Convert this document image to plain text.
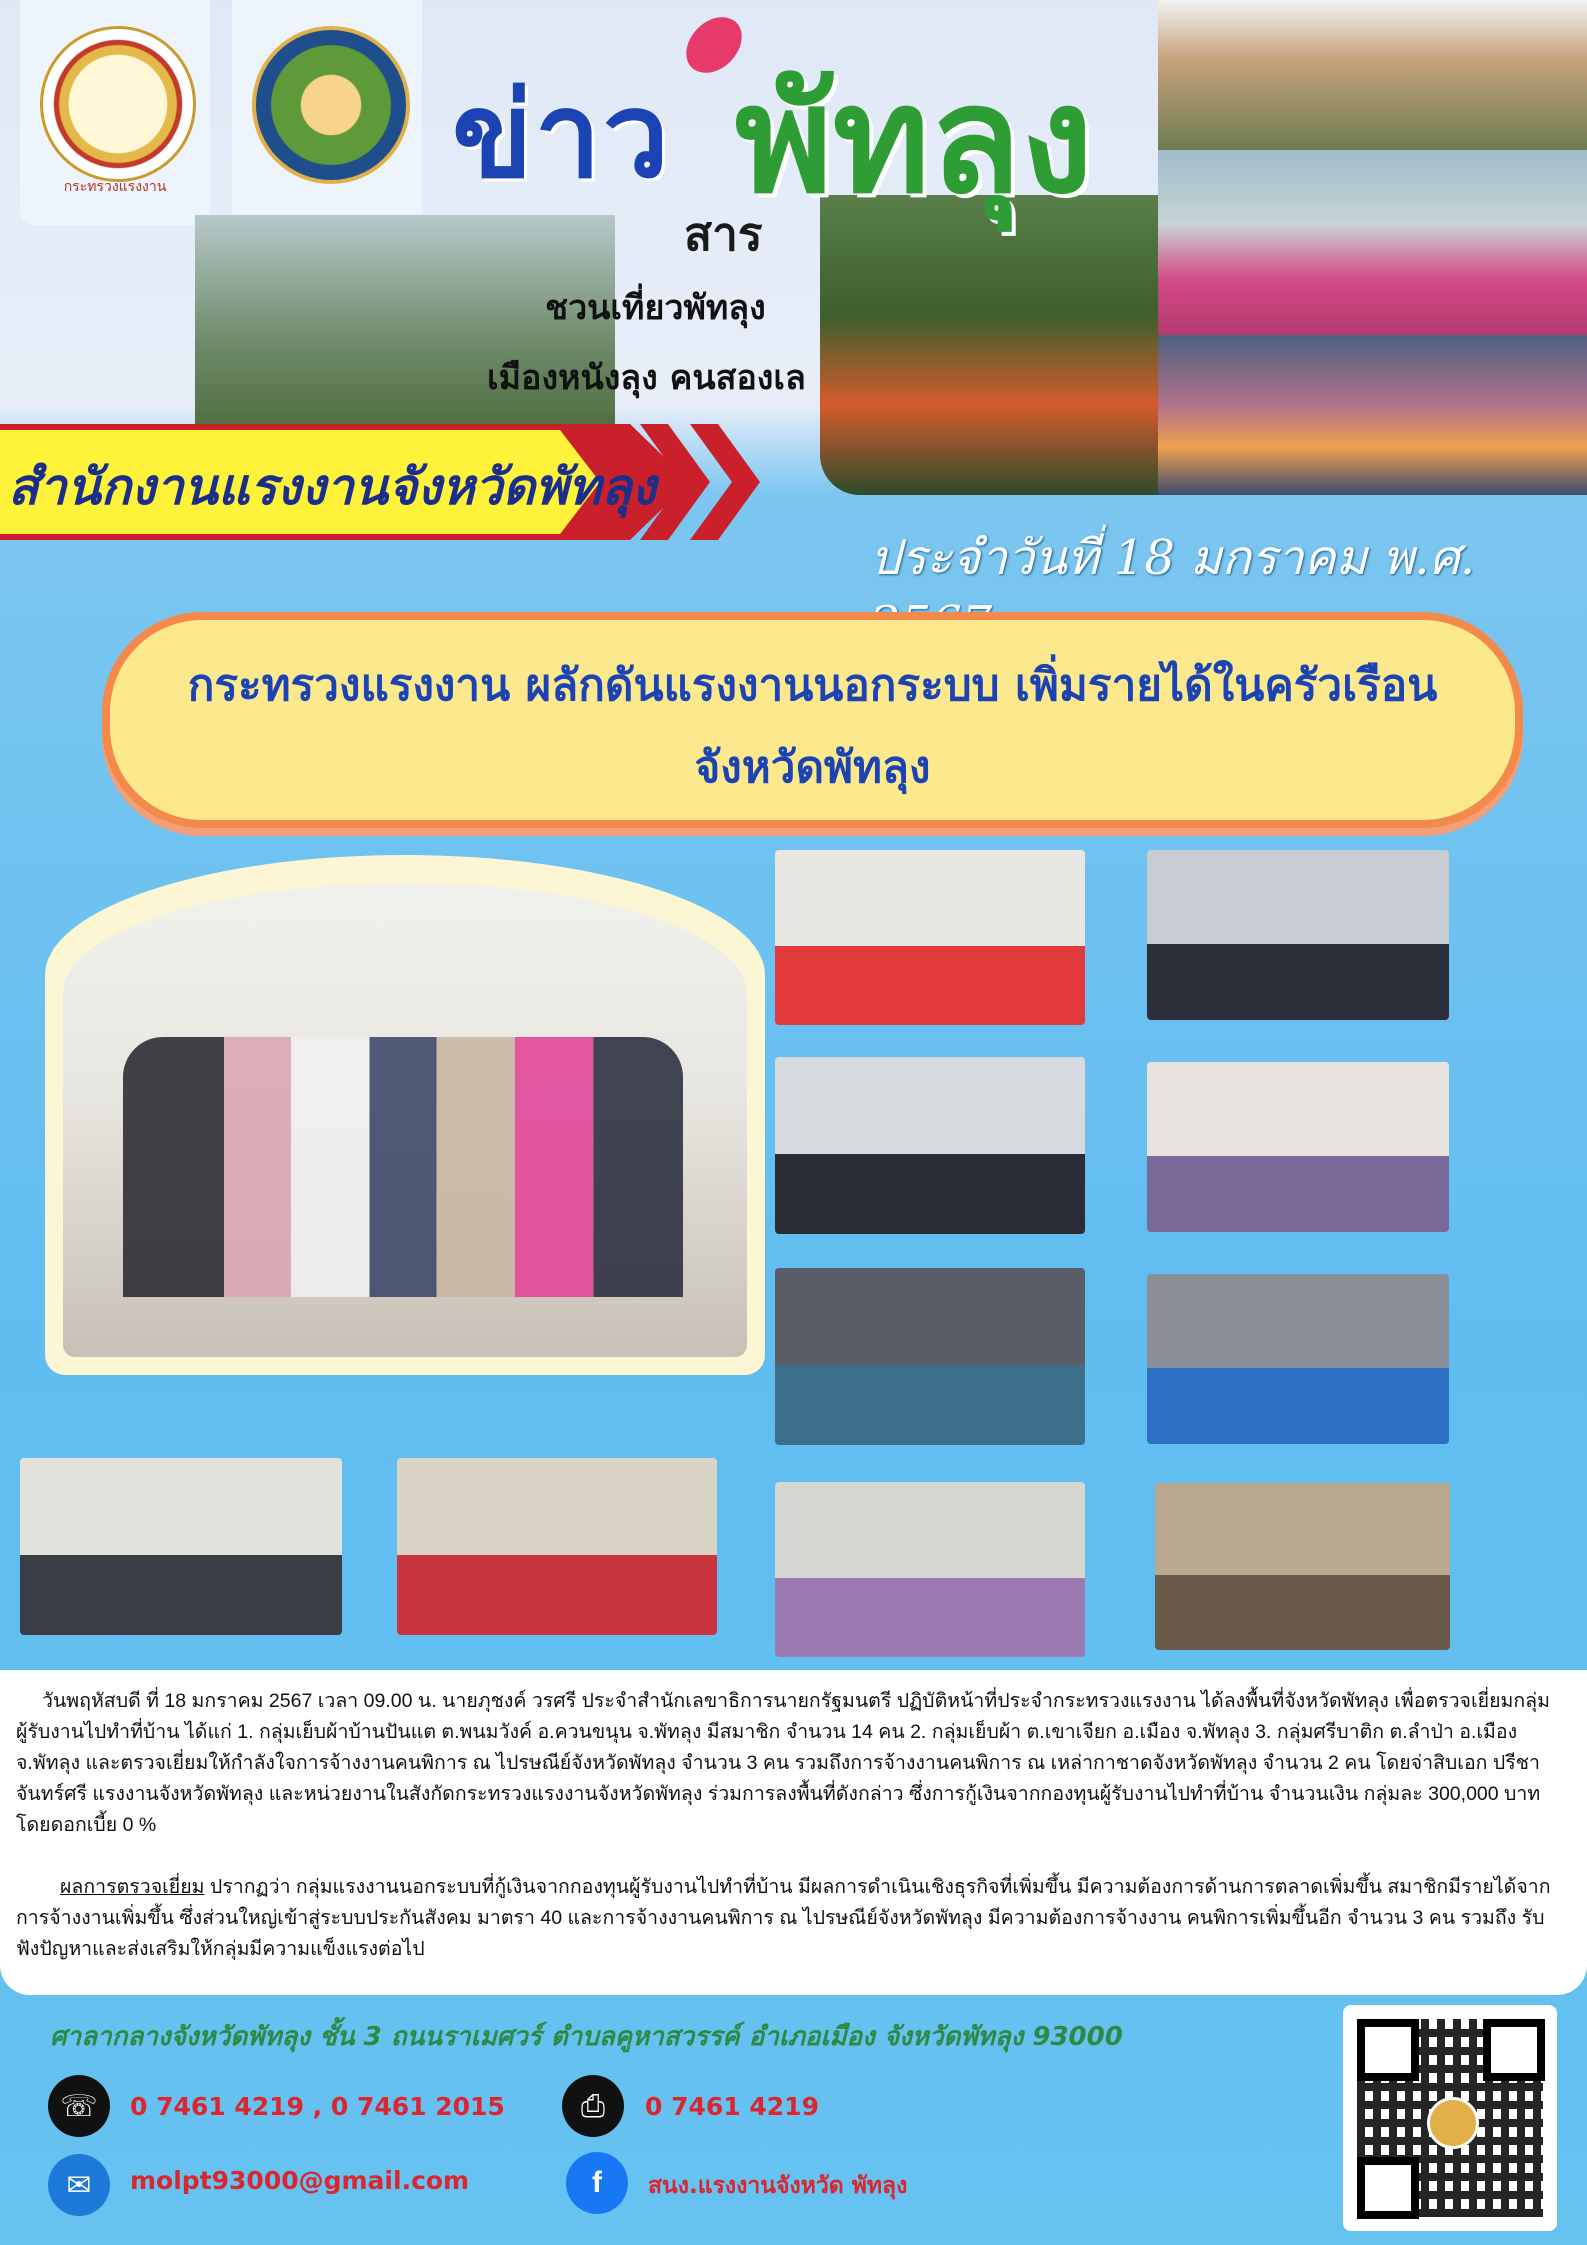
กระทรวงแรงงาน	ข่าว พัทลุง
สาร
ชวนเที่ยวพัทลุง
เมืองหนังลุง คนสองเล
สำนักงานแรงงานจังหวัดพัทลุง
ประจำวันที่ 18 มกราคม พ.ศ.
กระทรวงแรงงาน ผลักดันแรงงานนอกระบบ เพิ่มรายได้ในครัวเรือน
จังหวัดพัทลุง

วันพฤหัสบดี ที่ 18 มกราคม 2567 เวลา 09.00 น. นายภุชงค์ วรศรี ประจำสำนักเลขาธิการนายกรัฐมนตรี ปฏิบัติหน้าที่ประจำกระทรวงแรงงาน ได้ลงพื้นที่จังหวัดพัทลุง เพื่อตรวจเยี่ยมกลุ่มผู้รับงานไปทำที่บ้าน ได้แก่ 1. กลุ่มเย็บผ้าบ้านปันแต ต.พนมวังค์ อ.ควนขนุน จ.พัทลุง มีสมาชิก จำนวน 14 คน 2. กลุ่มเย็บผ้า ต.เขาเจียก อ.เมือง จ.พัทลุง 3. กลุ่มศรีบาติก ต.ลำป่า อ.เมือง จ.พัทลุง และตรวจเยี่ยมให้กำลังใจการจ้างงานคนพิการ ณ ไปรษณีย์จังหวัดพัทลุง จำนวน 3 คน รวมถึงการจ้างงานคนพิการ ณ เหล่ากาชาดจังหวัดพัทลุง จำนวน 2 คน โดยจ่าสิบเอก ปรีชา จันทร์ศรี แรงงานจังหวัดพัทลุง และหน่วยงานในสังกัดกระทรวงแรงงานจังหวัดพัทลุง ร่วมการลงพื้นที่ดังกล่าว ซึ่งการกู้เงินจากกองทุนผู้รับงานไปทำที่บ้าน จำนวนเงิน กลุ่มละ 300,000 บาท โดยดอกเบี้ย 0 %

ผลการตรวจเยี่ยม ปรากฏว่า กลุ่มแรงงานนอกระบบที่กู้เงินจากกองทุนผู้รับงานไปทำที่บ้าน มีผลการดำเนินเชิงธุรกิจที่เพิ่มขึ้น มีความต้องการด้านการตลาดเพิ่มขึ้น สมาชิกมีรายได้จากการจ้างงานเพิ่มขึ้น ซึ่งส่วนใหญ่เข้าสู่ระบบประกันสังคม มาตรา 40 และการจ้างงานคนพิการ ณ ไปรษณีย์จังหวัดพัทลุง มีความต้องการจ้างงาน คนพิการเพิ่มขึ้นอีก จำนวน 3 คน รวมถึง รับฟังปัญหาและส่งเสริมให้กลุ่มมีความแข็งแรงต่อไป

ศาลากลางจังหวัดพัทลุง ชั้น 3 ถนนราเมศวร์ ตำบลคูหาสวรรค์ อำเภอเมือง จังหวัดพัทลุง 93000
☏	0 7461 4219 , 0 7461 2015	⎙	0 7461 4219
✉	molpt93000@gmail.com	f	สนง.แรงงานจังหวัด พัทลุง
